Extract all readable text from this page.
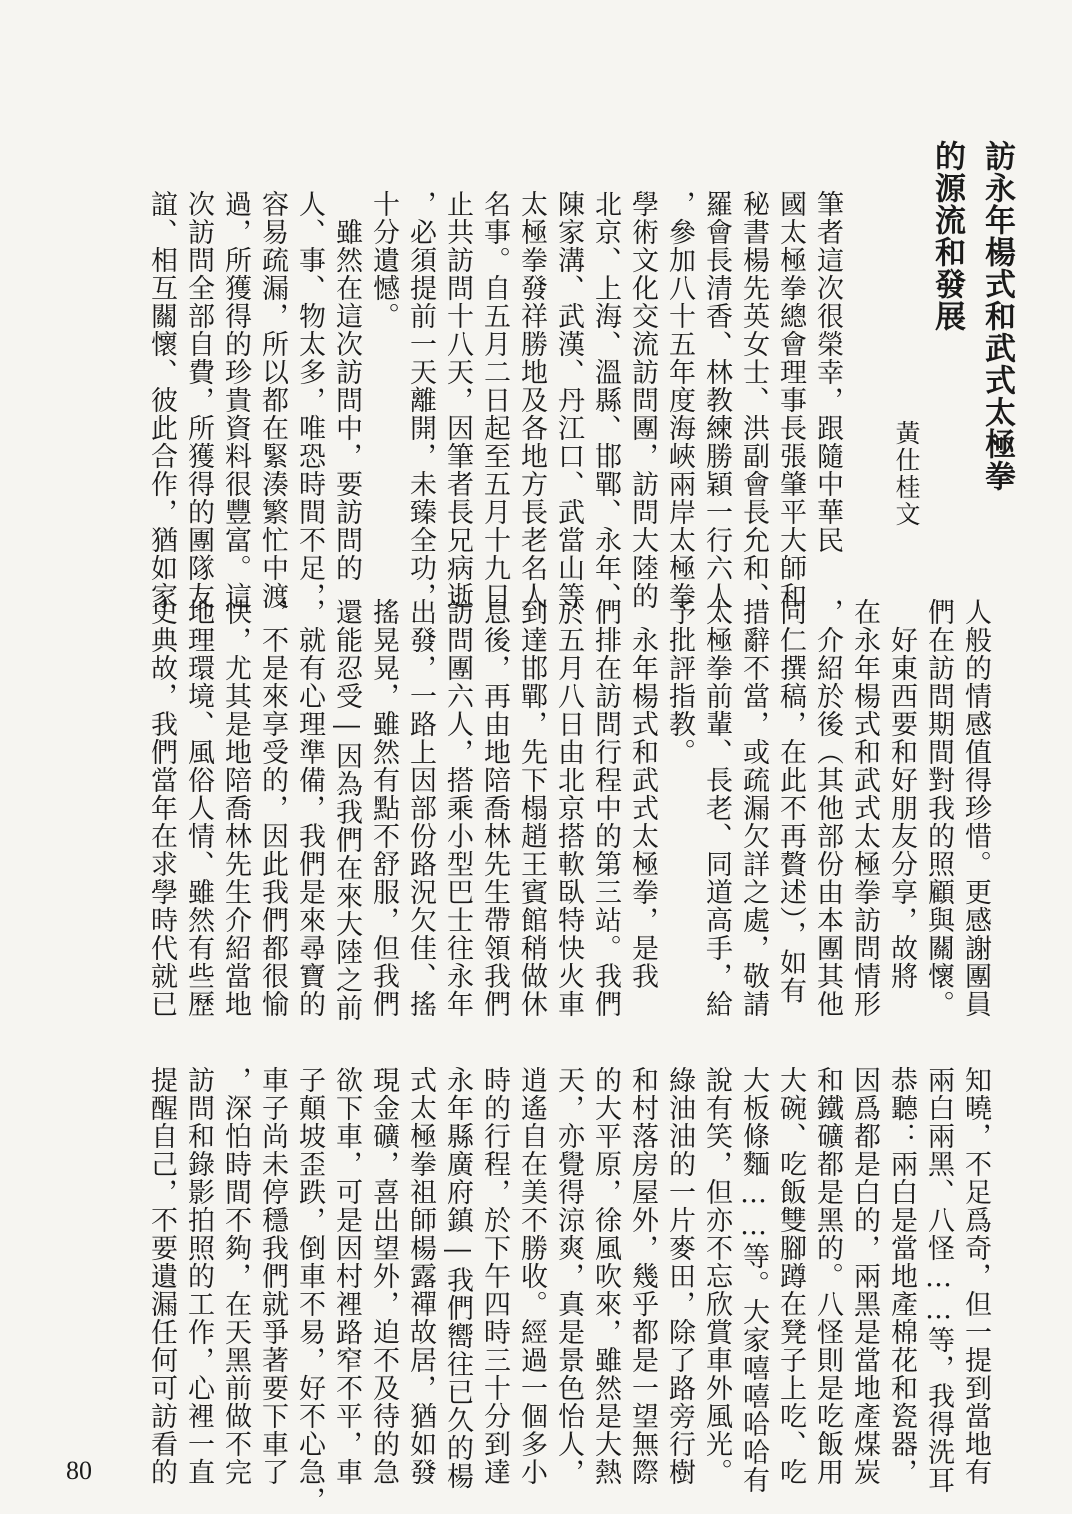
訪永年楊式和武式太極拳
的源流和發展
黃仕桂文
筆者這次很榮幸，跟隨中華民
國太極拳總會理事長張肇平大師和
秘書楊先英女士、洪副會長允和、
羅會長清香、林教練勝穎一行六人
，參加八十五年度海峽兩岸太極拳
學術文化交流訪問團，訪問大陸的
北京、上海、溫縣、邯鄲、永年、
陳家溝、武漢、丹江口、武當山等
太極拳發祥勝地及各地方長老名人
名事。自五月二日起至五月十九日
止共訪問十八天，因筆者長兄病逝
，必須提前一天離開，未臻全功，
十分遺憾。
　雖然在這次訪問中，要訪問的
人、事、物太多，唯恐時間不足，
容易疏漏，所以都在緊湊繁忙中渡
過，所獲得的珍貴資料很豐富。這
次訪問全部自費，所獲得的團隊友
誼、相互關懷、彼此合作，猶如家
人般的情感值得珍惜。更感謝團員
們在訪問期間對我的照顧與關懷。
　好東西要和好朋友分享，故將
在永年楊式和武式太極拳訪問情形
，介紹於後（其他部份由本團其他
同仁撰稿，在此不再贅述），如有
措辭不當，或疏漏欠詳之處，敬請
太極拳前輩、長老、同道高手，給
予批評指教。
　永年楊式和武式太極拳，是我
們排在訪問行程中的第三站。我們
於五月八日由北京搭軟臥特快火車
到達邯鄲，先下榻趙王賓館稍做休
息後，再由地陪喬林先生帶領我們
訪問團六人，搭乘小型巴士往永年
出發，一路上因部份路況欠佳、搖
搖晃晃，雖然有點不舒服，但我們
還能忍受―因為我們在來大陸之前
，就有心理準備，我們是來尋寶的
，不是來享受的，因此我們都很愉
快，尤其是地陪喬林先生介紹當地
地理環境、風俗人情、雖然有些歷
史典故，我們當年在求學時代就已
知曉，不足爲奇，但一提到當地有
兩白兩黑、八怪……等，我得洗耳
恭聽：兩白是當地產棉花和瓷器，
因爲都是白的，兩黑是當地產煤炭
和鐵礦都是黑的。八怪則是吃飯用
大碗、吃飯雙腳蹲在凳子上吃、吃
大板條麵……等。大家嘻嘻哈哈有
說有笑，但亦不忘欣賞車外風光。
綠油油的一片麥田，除了路旁行樹
和村落房屋外，幾乎都是一望無際
的大平原，徐風吹來，雖然是大熱
天，亦覺得涼爽，真是景色怡人，
逍遙自在美不勝收。經過一個多小
時的行程，於下午四時三十分到達
永年縣廣府鎮―我們嚮往已久的楊
式太極拳祖師楊露禪故居，猶如發
現金礦，喜出望外，迫不及待的急
欲下車，可是因村裡路窄不平，車
子顛坡歪跌，倒車不易，好不心急，
車子尚未停穩我們就爭著要下車了
，深怕時間不夠，在天黑前做不完
訪問和錄影拍照的工作，心裡一直
提醒自己，不要遺漏任何可訪看的
80
